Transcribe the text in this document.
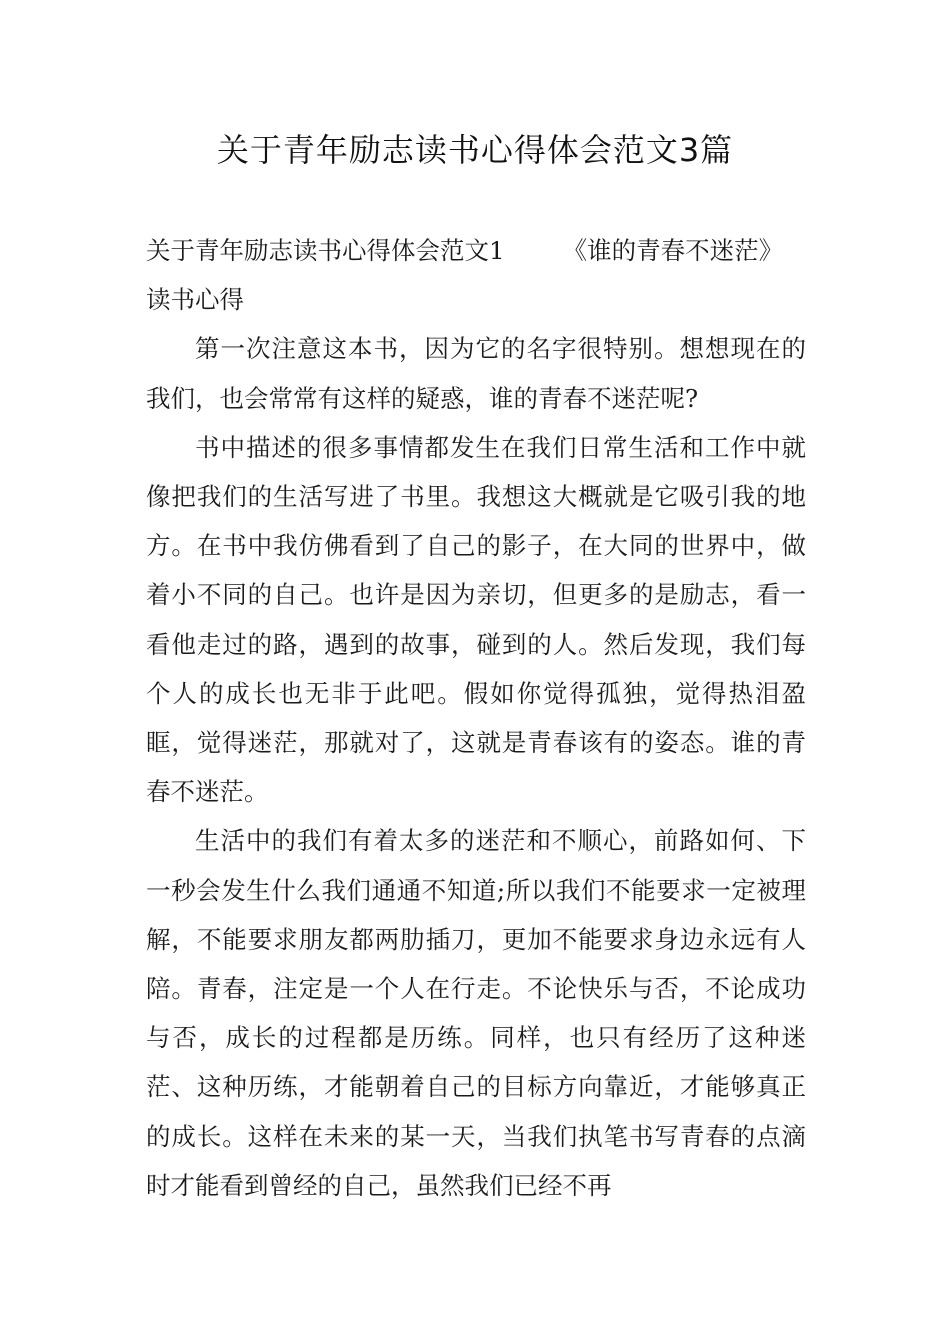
关于青年励志读书心得体会范文3篇
关于青年励志读书心得体会范文1 《谁的青春不迷茫》读书心得

第一次注意这本书，因为它的名字很特别。想想现在的我们，也会常常有这样的疑惑，谁的青春不迷茫呢?

书中描述的很多事情都发生在我们日常生活和工作中就像把我们的生活写进了书里。我想这大概就是它吸引我的地方。在书中我仿佛看到了自己的影子，在大同的世界中，做着小不同的自己。也许是因为亲切，但更多的是励志，看一看他走过的路，遇到的故事，碰到的人。然后发现，我们每个人的成长也无非于此吧。假如你觉得孤独，觉得热泪盈眶，觉得迷茫，那就对了，这就是青春该有的姿态。谁的青春不迷茫。

生活中的我们有着太多的迷茫和不顺心，前路如何、下一秒会发生什么我们通通不知道;所以我们不能要求一定被理解，不能要求朋友都两肋插刀，更加不能要求身边永远有人陪。青春，注定是一个人在行走。不论快乐与否，不论成功与否，成长的过程都是历练。同样，也只有经历了这种迷茫、这种历练，才能朝着自己的目标方向靠近，才能够真正的成长。这样在未来的某一天，当我们执笔书写青春的点滴时才能看到曾经的自己，虽然我们已经不再
